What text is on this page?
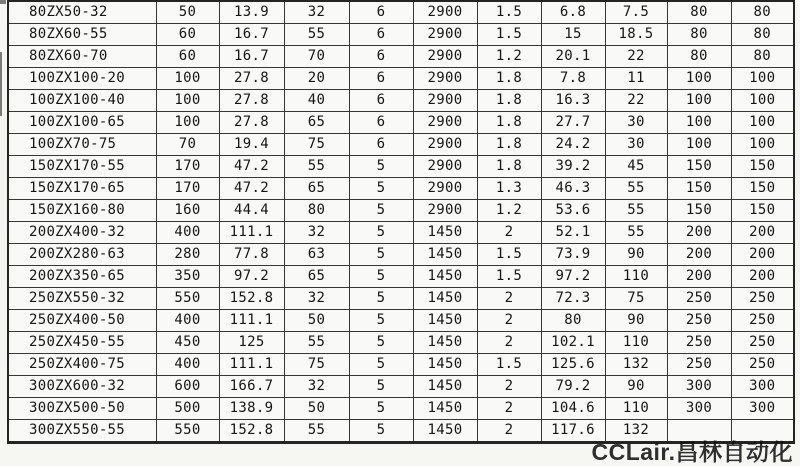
80ZX50-32	50	13.9	32	6	2900	1.5	6.8	7.5	80	80
80ZX60-55	60	16.7	55	6	2900	1.5	15	18.5	80	80
80ZX60-70	60	16.7	70	6	2900	1.2	20.1	22	80	80
100ZX100-20	100	27.8	20	6	2900	1.8	7.8	11	100	100
100ZX100-40	100	27.8	40	6	2900	1.8	16.3	22	100	100
100ZX100-65	100	27.8	65	6	2900	1.8	27.7	30	100	100
100ZX70-75	70	19.4	75	6	2900	1.8	24.2	30	100	100
150ZX170-55	170	47.2	55	5	2900	1.8	39.2	45	150	150
150ZX170-65	170	47.2	65	5	2900	1.3	46.3	55	150	150
150ZX160-80	160	44.4	80	5	2900	1.2	53.6	55	150	150
200ZX400-32	400	111.1	32	5	1450	2	52.1	55	200	200
200ZX280-63	280	77.8	63	5	1450	1.5	73.9	90	200	200
200ZX350-65	350	97.2	65	5	1450	1.5	97.2	110	200	200
250ZX550-32	550	152.8	32	5	1450	2	72.3	75	250	250
250ZX400-50	400	111.1	50	5	1450	2	80	90	250	250
250ZX450-55	450	125	55	5	1450	2	102.1	110	250	250
250ZX400-75	400	111.1	75	5	1450	1.5	125.6	132	250	250
300ZX600-32	600	166.7	32	5	1450	2	79.2	90	300	300
300ZX500-50	500	138.9	50	5	1450	2	104.6	110	300	300
300ZX550-55	550	152.8	55	5	1450	2	117.6	132		
CCLair.昌林自动化
